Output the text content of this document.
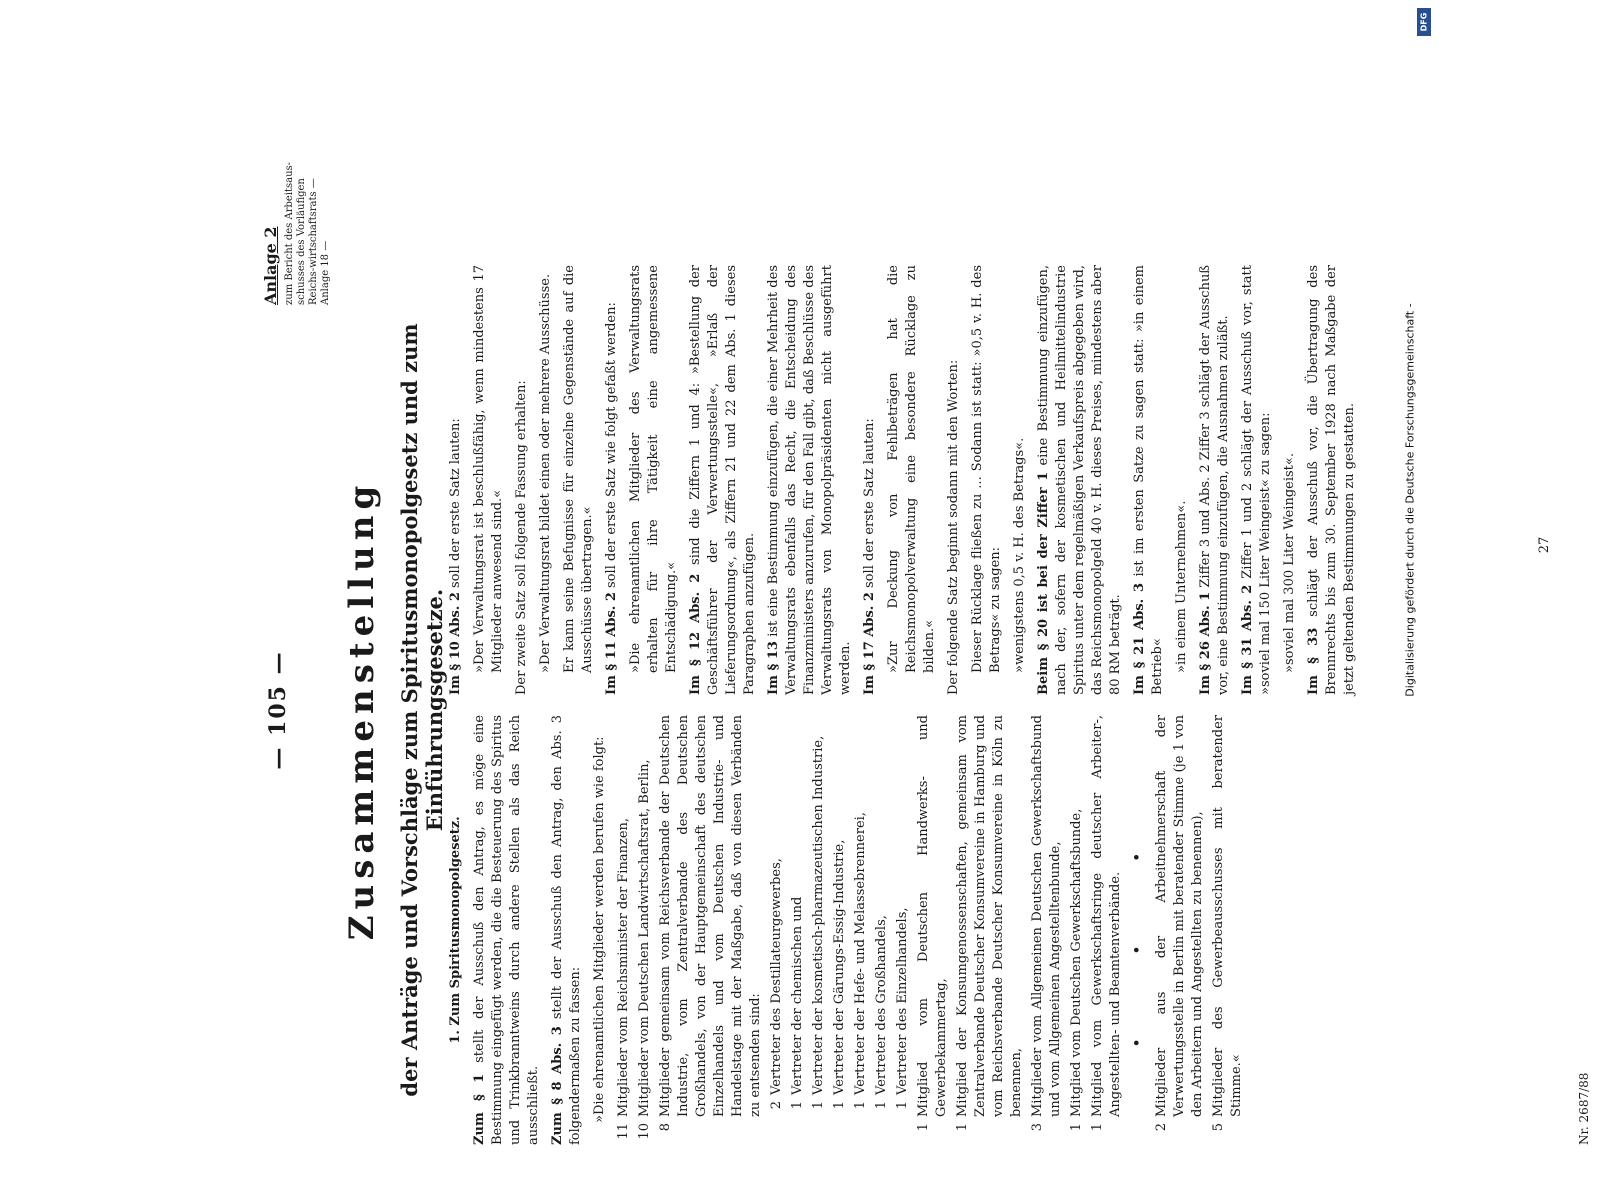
— 105 —
Anlage 2 zum Bericht des Arbeitsaus-schusses des Vorläufigen Reichs-wirtschaftsrats — Anlage 18 —
Zusammenstellung der Anträge und Vorschläge zum Spiritusmonopolgesetz und zum Einführungsgesetze.

1. Zum Spiritusmonopolgesetz.

Zum § 1 stellt der Ausschuß den Antrag, es möge eine Bestimmung eingefügt werden, die die Besteuerung des Spiritus und Trinkbranntweins durch andere Stellen als das Reich ausschließt. Zum § 8 Abs. 3 stellt der Ausschuß den Antrag, den Abs. 3 folgendermaßen zu fassen: »Die ehrenamtlichen Mitglieder werden berufen wie folgt:

11
Mitglieder vom Reichsminister der Finanzen,
10
Mitglieder vom Deutschen Landwirtschaftsrat, Berlin,
8
Mitglieder gemeinsam vom Reichsverbande der Deutschen Industrie, vom Zentralverbande des Deutschen Großhandels, von der Hauptgemeinschaft des deutschen Einzelhandels und vom Deutschen Industrie- und Handelstage mit der Maßgabe, daß von diesen Verbänden zu entsenden sind: 2
Vertreter des Destillateurgewerbes,
1
Vertreter der chemischen und
1
Vertreter der kosmetisch-pharmazeutischen Industrie,
1
Vertreter der Gärungs-Essig-Industrie,
1
Vertreter der Hefe- und Melassebrennerei,
1
Vertreter des Großhandels,
1
Vertreter des Einzelhandels,
1
Mitglied vom Deutschen Handwerks- und Gewerbekammertag,
1
Mitglied der Konsumgenossenschaften, gemeinsam vom Zentralverbande Deutscher Konsumvereine in Hamburg und vom Reichsverbande Deutscher Konsumvereine in Köln zu benennen,
3
Mitglieder vom Allgemeinen Deutschen Gewerkschaftsbund und vom Allgemeinen Angestelltenbunde,
1
Mitglied vom Deutschen Gewerkschaftsbunde,
1
Mitglied vom Gewerkschaftsringe deutscher Arbeiter-, Angestellten- und Beamtenverbände. • • •
2
Mitglieder aus der Arbeitnehmerschaft der Verwertungsstelle in Berlin mit beratender Stimme (je 1 von den Arbeitern und Angestellten zu benennen),
5
Mitglieder des Gewerbeausschusses mit beratender Stimme.«

Im § 10 Abs. 2 soll der erste Satz lauten: »Der Verwaltungsrat ist beschlußfähig, wenn mindestens 17 Mitglieder anwesend sind.« Der zweite Satz soll folgende Fassung erhalten: »Der Verwaltungsrat bildet einen oder mehrere Ausschüsse. Er kann seine Befugnisse für einzelne Gegenstände auf die Ausschüsse übertragen.« Im § 11 Abs. 2 soll der erste Satz wie folgt gefaßt werden: »Die ehrenamtlichen Mitglieder des Verwaltungsrats erhalten für ihre Tätigkeit eine angemessene Entschädigung.« Im § 12 Abs. 2 sind die Ziffern 1 und 4: »Bestellung der Geschäftsführer der Verwertungsstelle«, »Erlaß der Lieferungsordnung«, als Ziffern 21 und 22 dem Abs. 1 dieses Paragraphen anzufügen. Im § 13 ist eine Bestimmung einzufügen, die einer Mehrheit des Verwaltungsrats ebenfalls das Recht, die Entscheidung des Finanzministers anzurufen, für den Fall gibt, daß Beschlüsse des Verwaltungsrats von Monopolpräsidenten nicht ausgeführt werden. Im § 17 Abs. 2 soll der erste Satz lauten: »Zur Deckung von Fehlbeträgen hat die Reichsmonopolverwaltung eine besondere Rücklage zu bilden.« Der folgende Satz beginnt sodann mit den Worten: Dieser Rücklage fließen zu ... Sodann ist statt: »0,5 v. H. des Betrags« zu sagen: »wenigstens 0,5 v. H. des Betrags«. Beim § 20 ist bei der Ziffer 1 eine Bestimmung einzufügen, nach der, sofern der kosmetischen und Heilmittelindustrie Spiritus unter dem regelmäßigen Verkaufspreis abgegeben wird, das Reichsmonopolgeld 40 v. H. dieses Preises, mindestens aber 80 RM beträgt. Im § 21 Abs. 3 ist im ersten Satze zu sagen statt: »in einem Betrieb« »in einem Unternehmen«. Im § 26 Abs. 1 Ziffer 3 und Abs. 2 Ziffer 3 schlägt der Ausschuß vor, eine Bestimmung einzufügen, die Ausnahmen zuläßt. Im § 31 Abs. 2 Ziffer 1 und 2 schlägt der Ausschuß vor, statt »soviel mal 150 Liter Weingeist« zu sagen: »soviel mal 300 Liter Weingeist«. Im § 33 schlägt der Ausschuß vor, die Übertragung des Brennrechts bis zum 30. September 1928 nach Maßgabe der jetzt geltenden Bestimmungen zu gestatten.	27
Nr. 2687/88
Digitalisierung gefördert durch die Deutsche Forschungsgemeinschaft -
DFG
